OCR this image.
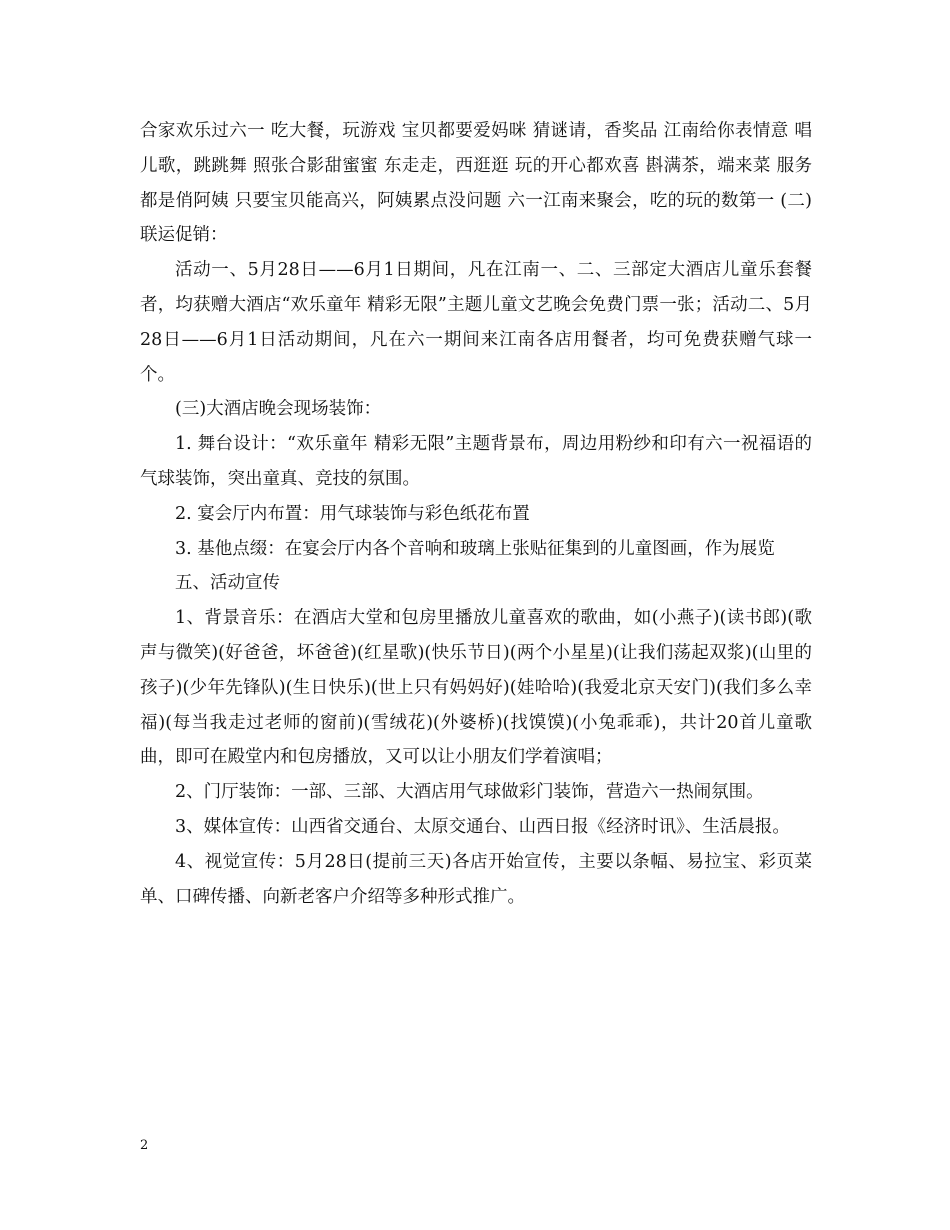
合家欢乐过六一 吃大餐，玩游戏 宝贝都要爱妈咪 猜谜请，香奖品 江南给你表情意 唱儿歌，跳跳舞 照张合影甜蜜蜜 东走走，西逛逛 玩的开心都欢喜 斟满茶，端来菜 服务都是俏阿姨 只要宝贝能高兴，阿姨累点没问题 六一江南来聚会，吃的玩的数第一 (二)联运促销：

活动一、5月28日——6月1日期间，凡在江南一、二、三部定大酒店儿童乐套餐者，均获赠大酒店“欢乐童年 精彩无限”主题儿童文艺晚会免费门票一张；活动二、5月28日——6月1日活动期间，凡在六一期间来江南各店用餐者，均可免费获赠气球一个。

(三)大酒店晚会现场装饰：

1. 舞台设计：“欢乐童年 精彩无限”主题背景布，周边用粉纱和印有六一祝福语的气球装饰，突出童真、竞技的氛围。

2. 宴会厅内布置：用气球装饰与彩色纸花布置

3. 基他点缀：在宴会厅内各个音响和玻璃上张贴征集到的儿童图画，作为展览

五、活动宣传

1、背景音乐：在酒店大堂和包房里播放儿童喜欢的歌曲，如(小燕子)(读书郎)(歌声与微笑)(好爸爸，坏爸爸)(红星歌)(快乐节日)(两个小星星)(让我们荡起双浆)(山里的孩子)(少年先锋队)(生日快乐)(世上只有妈妈好)(娃哈哈)(我爱北京天安门)(我们多么幸福)(每当我走过老师的窗前)(雪绒花)(外婆桥)(找馍馍)(小兔乖乖)，共计20首儿童歌曲，即可在殿堂内和包房播放，又可以让小朋友们学着演唱；

2、门厅装饰：一部、三部、大酒店用气球做彩门装饰，营造六一热闹氛围。

3、媒体宣传：山西省交通台、太原交通台、山西日报《经济时讯》、生活晨报。

4、视觉宣传：5月28日(提前三天)各店开始宣传，主要以条幅、易拉宝、彩页菜单、口碑传播、向新老客户介绍等多种形式推广。

2
